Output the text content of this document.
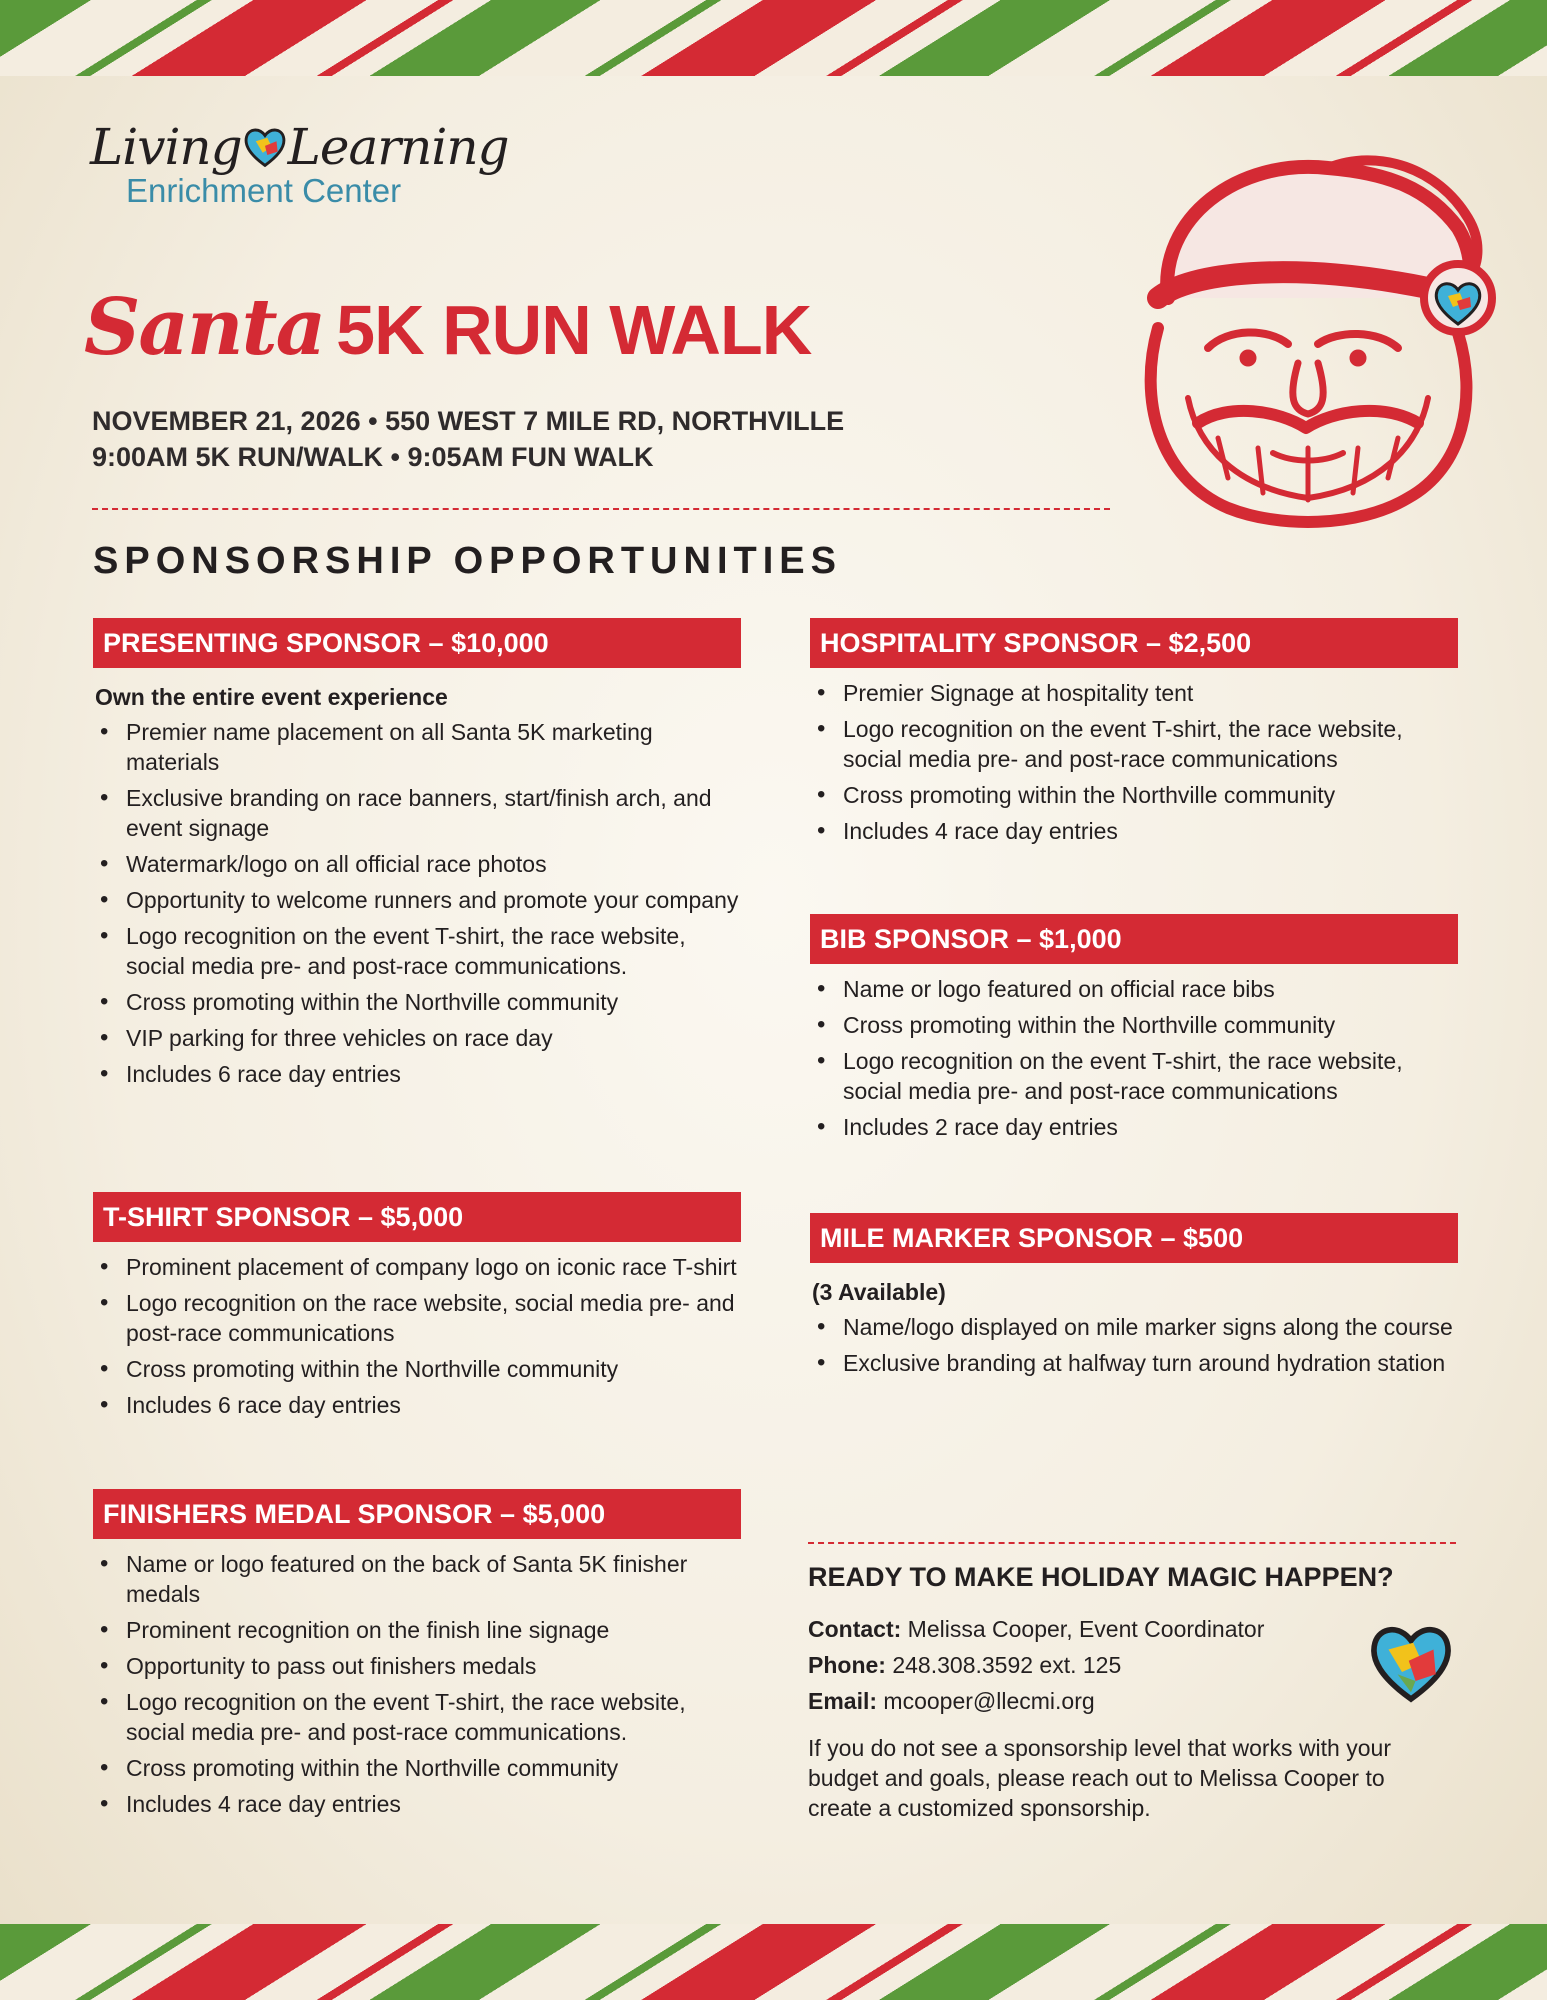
Living Learning
Enrichment Center
Santa 5K RUN WALK
NOVEMBER 21, 2026 • 550 WEST 7 MILE RD, NORTHVILLE
9:00AM 5K RUN/WALK • 9:05AM FUN WALK
SPONSORSHIP OPPORTUNITIES
PRESENTING SPONSOR – $10,000
Own the entire event experience
• Premier name placement on all Santa 5K marketing materials
• Exclusive branding on race banners, start/finish arch, and event signage
• Watermark/logo on all official race photos
• Opportunity to welcome runners and promote your company
• Logo recognition on the event T-shirt, the race website, social media pre- and post-race communications.
• Cross promoting within the Northville community
• VIP parking for three vehicles on race day
• Includes 6 race day entries
T-SHIRT SPONSOR – $5,000
• Prominent placement of company logo on iconic race T-shirt
• Logo recognition on the race website, social media pre- and post-race communications
• Cross promoting within the Northville community
• Includes 6 race day entries
FINISHERS MEDAL SPONSOR – $5,000
• Name or logo featured on the back of Santa 5K finisher medals
• Prominent recognition on the finish line signage
• Opportunity to pass out finishers medals
• Logo recognition on the event T-shirt, the race website, social media pre- and post-race communications.
• Cross promoting within the Northville community
• Includes 4 race day entries
HOSPITALITY SPONSOR – $2,500
• Premier Signage at hospitality tent
• Logo recognition on the event T-shirt, the race website, social media pre- and post-race communications
• Cross promoting within the Northville community
• Includes 4 race day entries
BIB SPONSOR – $1,000
• Name or logo featured on official race bibs
• Cross promoting within the Northville community
• Logo recognition on the event T-shirt, the race website, social media pre- and post-race communications
• Includes 2 race day entries
MILE MARKER SPONSOR – $500
(3 Available)
• Name/logo displayed on mile marker signs along the course
• Exclusive branding at halfway turn around hydration station
READY TO MAKE HOLIDAY MAGIC HAPPEN?
Contact: Melissa Cooper, Event Coordinator
Phone: 248.308.3592 ext. 125
Email: mcooper@llecmi.org
If you do not see a sponsorship level that works with your budget and goals, please reach out to Melissa Cooper to create a customized sponsorship.
